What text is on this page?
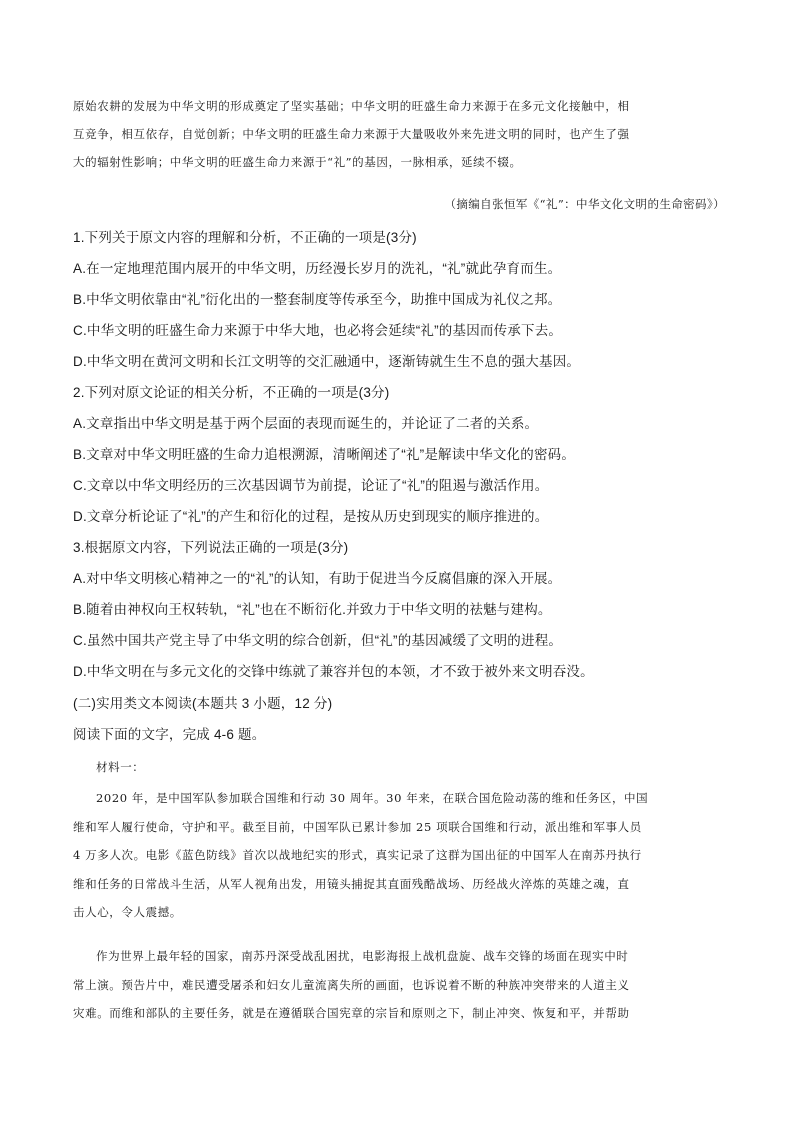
原始农耕的发展为中华文明的形成奠定了坚实基础；中华文明的旺盛生命力来源于在多元文化接触中，相
互竞争，相互依存，自觉创新；中华文明的旺盛生命力来源于大量吸收外来先进文明的同时，也产生了强
大的辐射性影响；中华文明的旺盛生命力来源于“礼”的基因，一脉相承，延续不辍。
（摘编自张恒军《“礼”：中华文化文明的生命密码》）
1.下列关于原文内容的理解和分析，不正确的一项是(3分)
A.在一定地理范围内展开的中华文明，历经漫长岁月的洗礼，“礼”就此孕育而生。
B.中华文明依靠由“礼”衍化出的一整套制度等传承至今，助推中国成为礼仪之邦。
C.中华文明的旺盛生命力来源于中华大地，也必将会延续“礼”的基因而传承下去。
D.中华文明在黄河文明和长江文明等的交汇融通中，逐渐铸就生生不息的强大基因。
2.下列对原文论证的相关分析，不正确的一项是(3分)
A.文章指出中华文明是基于两个层面的表现而诞生的，并论证了二者的关系。
B.文章对中华文明旺盛的生命力追根溯源，清晰阐述了“礼”是解读中华文化的密码。
C.文章以中华文明经历的三次基因调节为前提，论证了“礼”的阻遏与激活作用。
D.文章分析论证了“礼”的产生和衍化的过程，是按从历史到现实的顺序推进的。
3.根据原文内容，下列说法正确的一项是(3分)
A.对中华文明核心精神之一的“礼”的认知，有助于促进当今反腐倡廉的深入开展。
B.随着由神权向王权转轨，“礼”也在不断衍化.并致力于中华文明的祛魅与建构。
C.虽然中国共产党主导了中华文明的综合创新，但“礼”的基因减缓了文明的进程。
D.中华文明在与多元文化的交锋中练就了兼容并包的本领，才不致于被外来文明吞没。
(二)实用类文本阅读(本题共 3 小题，12 分)
阅读下面的文字，完成 4-6 题。
材料一：
2020 年，是中国军队参加联合国维和行动 30 周年。30 年来，在联合国危险动荡的维和任务区，中国
维和军人履行使命，守护和平。截至目前，中国军队已累计参加 25 项联合国维和行动，派出维和军事人员
4 万多人次。电影《蓝色防线》首次以战地纪实的形式，真实记录了这群为国出征的中国军人在南苏丹执行
维和任务的日常战斗生活，从军人视角出发，用镜头捕捉其直面残酷战场、历经战火淬炼的英雄之魂，直
击人心，令人震撼。
作为世界上最年轻的国家，南苏丹深受战乱困扰，电影海报上战机盘旋、战车交锋的场面在现实中时
常上演。预告片中，难民遭受屠杀和妇女儿童流离失所的画面，也诉说着不断的种族冲突带来的人道主义
灾难。而维和部队的主要任务，就是在遵循联合国宪章的宗旨和原则之下，制止冲突、恢复和平，并帮助
